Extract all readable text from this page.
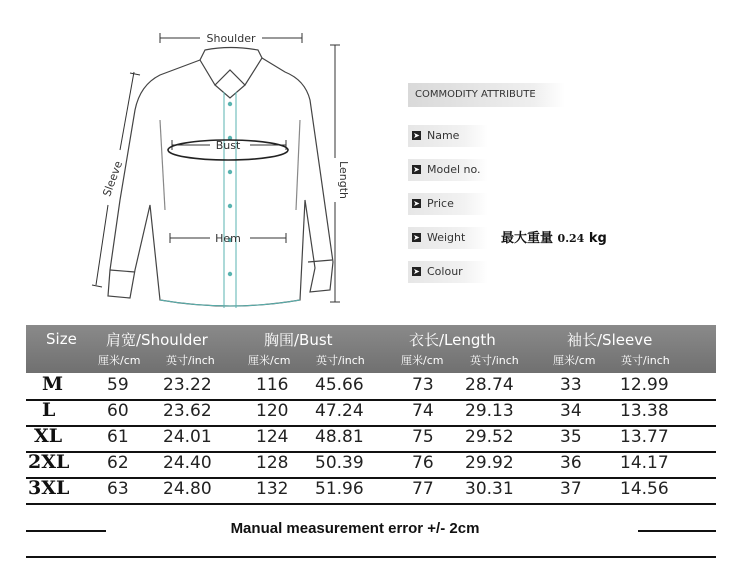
Shoulder
Bust
Hem
Length
Sleeve
COMMODITY ATTRIBUTE
➤ Name
➤ Model no.
➤ Price
➤ Weight	最大重量 0.24 kg
➤ Colour
Size 肩宽/Shoulder	胸围/Bust	衣长/Length	袖长/Sleeve
厘米/cm 英寸/inch	厘米/cm 英寸/inch	厘米/cm 英寸/inch	厘米/cm 英寸/inch
M	59 23.22	116 45.66	73 28.74	33 12.99
L	60 23.62	120 47.24	74 29.13	34 13.38
XL	61 24.01	124 48.81	75 29.52	35 13.77
2XL 62 24.40	128 50.39	76 29.92	36 14.17
3XL 63 24.80	132 51.96	77 30.31	37 14.56
Manual measurement error +/- 2cm
